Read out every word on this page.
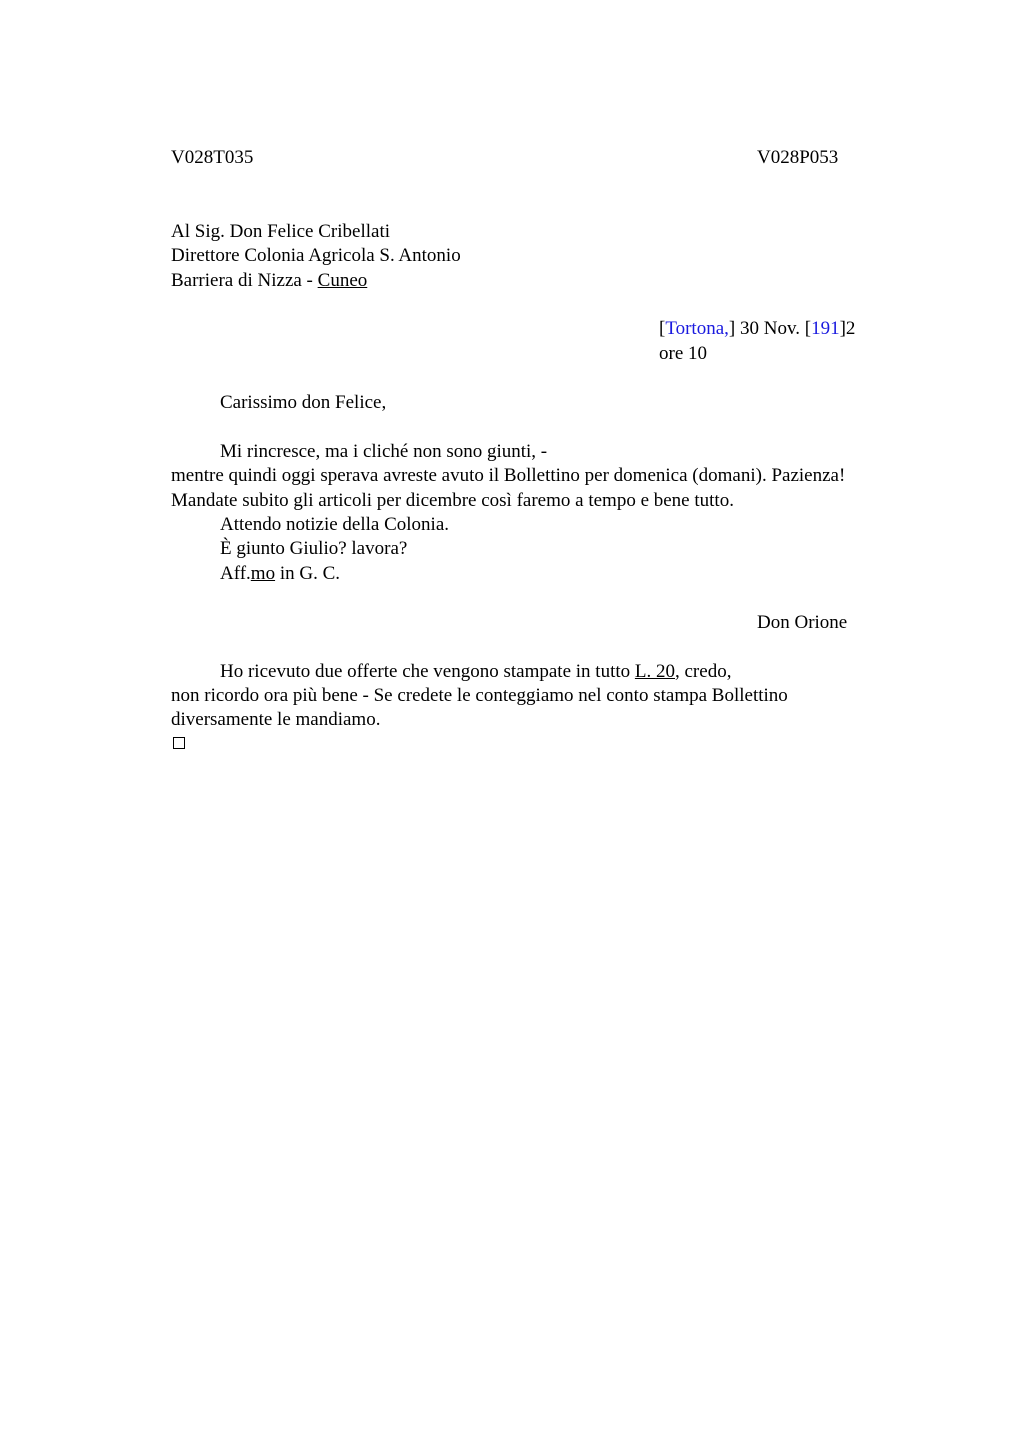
V028T035	V028P053

Al Sig. Don Felice Cribellati

Direttore Colonia Agricola S. Antonio

Barriera di Nizza - Cuneo

[Tortona,] 30 Nov. [191]2

ore 10

Carissimo don Felice,

Mi rincresce, ma i cliché non sono giunti, -

mentre quindi oggi sperava avreste avuto il Bollettino per domenica (domani). Pazienza!

Mandate subito gli articoli per dicembre così faremo a tempo e bene tutto.

Attendo notizie della Colonia.

È giunto Giulio? lavora?

Aff.mo in G. C.

Don Orione

Ho ricevuto due offerte che vengono stampate in tutto L. 20, credo,

non ricordo ora più bene - Se credete le conteggiamo nel conto stampa Bollettino

diversamente le mandiamo.
